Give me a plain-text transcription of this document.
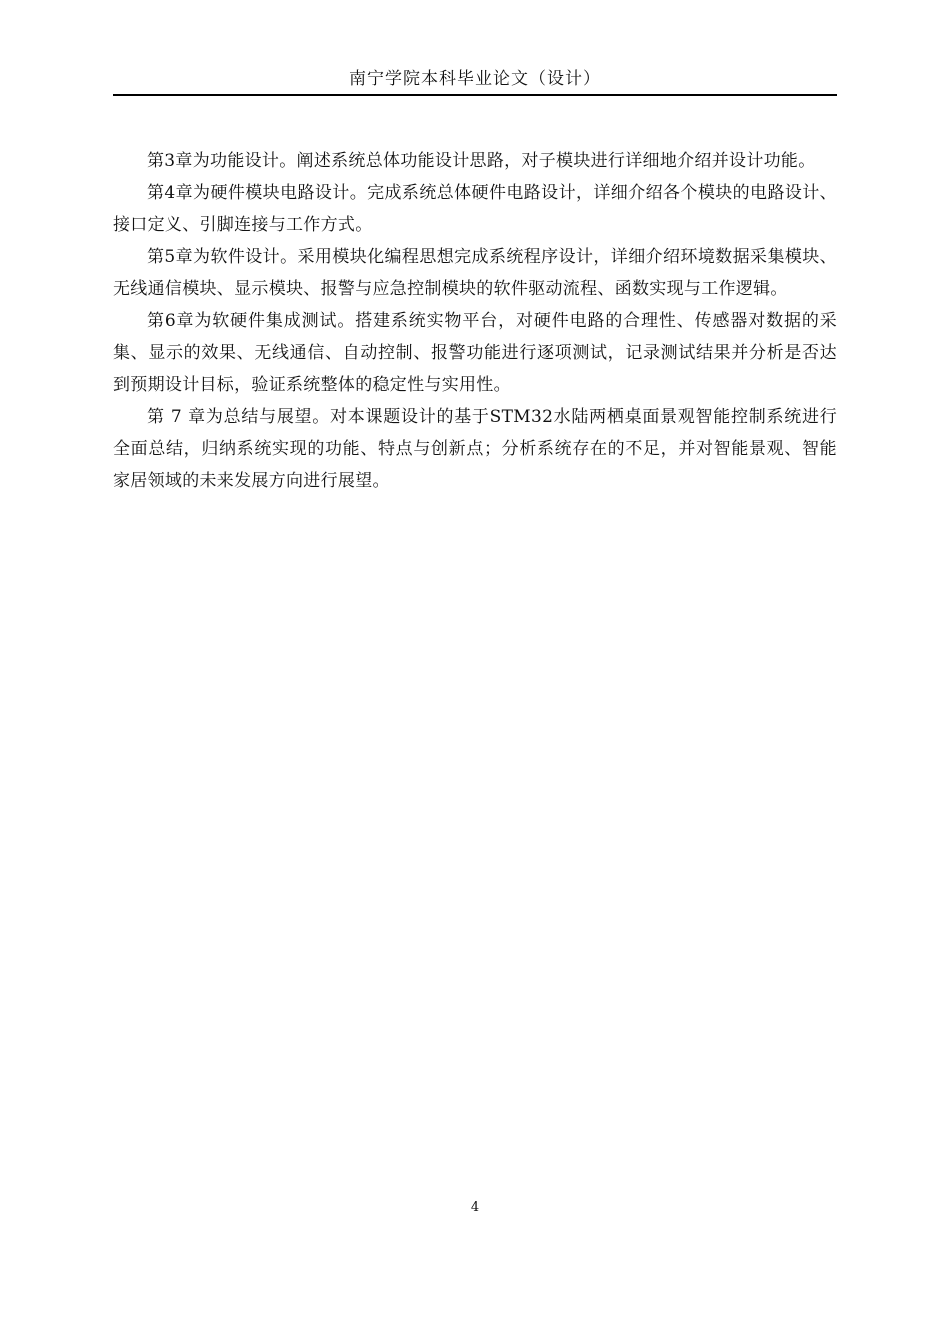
南宁学院本科毕业论文（设计）

第3章为功能设计。阐述系统总体功能设计思路，对子模块进行详细地介绍并设计功能。

第4章为硬件模块电路设计。完成系统总体硬件电路设计，详细介绍各个模块的电路设计、接口定义、引脚连接与工作方式。

第5章为软件设计。采用模块化编程思想完成系统程序设计，详细介绍环境数据采集模块、无线通信模块、显示模块、报警与应急控制模块的软件驱动流程、函数实现与工作逻辑。

第6章为软硬件集成测试。搭建系统实物平台，对硬件电路的合理性、传感器对数据的采集、显示的效果、无线通信、自动控制、报警功能进行逐项测试，记录测试结果并分析是否达到预期设计目标，验证系统整体的稳定性与实用性。

第 7 章为总结与展望。对本课题设计的基于STM32水陆两栖桌面景观智能控制系统进行全面总结，归纳系统实现的功能、特点与创新点；分析系统存在的不足，并对智能景观、智能家居领域的未来发展方向进行展望。

4
